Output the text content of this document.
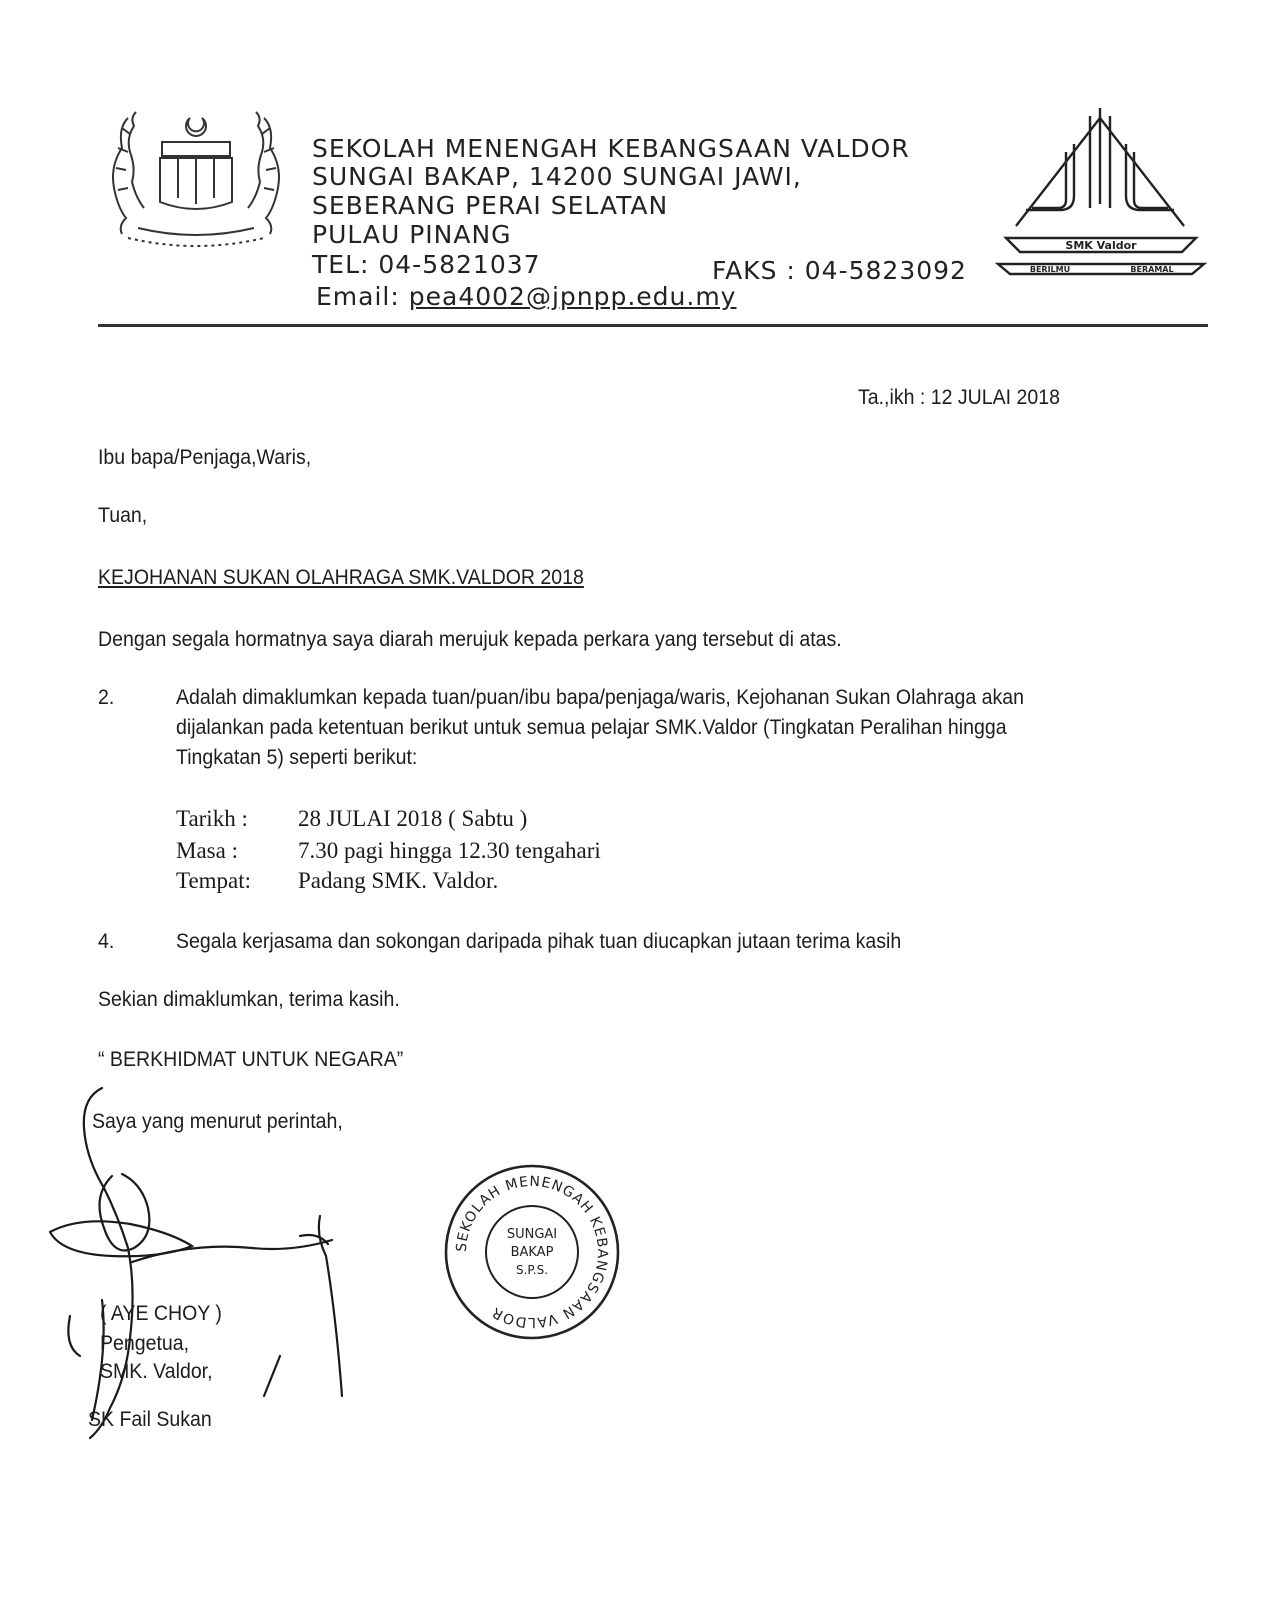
SEKOLAH MENENGAH KEBANGSAAN VALDOR
SUNGAI BAKAP, 14200 SUNGAI JAWI,
SEBERANG PERAI SELATAN
PULAU PINANG
TEL: 04-5821037	FAKS : 04-5823092
Email: pea4002@jpnpp.edu.my
SMK Valdor
BERILMU	BERAMAL
Ta.,ikh : 12 JULAI 2018
Ibu bapa/Penjaga,Waris,
Tuan,
KEJOHANAN SUKAN OLAHRAGA SMK.VALDOR 2018
Dengan segala hormatnya saya diarah merujuk kepada perkara yang tersebut di atas.
2.	Adalah dimaklumkan kepada tuan/puan/ibu bapa/penjaga/waris, Kejohanan Sukan Olahraga akan
dijalankan pada ketentuan berikut untuk semua pelajar SMK.Valdor (Tingkatan Peralihan hingga
Tingkatan 5) seperti berikut:
Tarikh : 28 JULAI 2018 ( Sabtu )
Masa :	7.30 pagi hingga 12.30 tengahari
Tempat: Padang SMK. Valdor.
4.	Segala kerjasama dan sokongan daripada pihak tuan diucapkan jutaan terima kasih
Sekian dimaklumkan, terima kasih.
“ BERKHIDMAT UNTUK NEGARA”
Saya yang menurut perintah,
( AYE CHOY )
Pengetua,
SMK. Valdor,
SK Fail Sukan
SEKOLAH MENENGAH KEBANGSAAN VALDOR
SUNGAI
BAKAP
S.P.S.
